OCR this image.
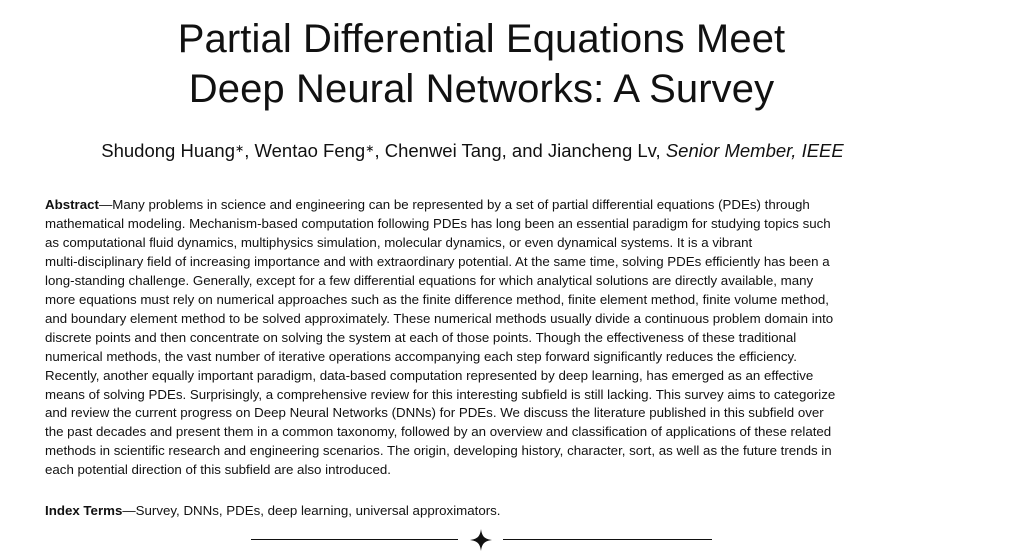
Partial Differential Equations Meet
Deep Neural Networks: A Survey
Shudong Huang∗, Wentao Feng∗, Chenwei Tang, and Jiancheng Lv, Senior Member, IEEE
Abstract—Many problems in science and engineering can be represented by a set of partial differential equations (PDEs) through
mathematical modeling. Mechanism-based computation following PDEs has long been an essential paradigm for studying topics such
as computational fluid dynamics, multiphysics simulation, molecular dynamics, or even dynamical systems. It is a vibrant
multi-disciplinary field of increasing importance and with extraordinary potential. At the same time, solving PDEs efficiently has been a
long-standing challenge. Generally, except for a few differential equations for which analytical solutions are directly available, many
more equations must rely on numerical approaches such as the finite difference method, finite element method, finite volume method,
and boundary element method to be solved approximately. These numerical methods usually divide a continuous problem domain into
discrete points and then concentrate on solving the system at each of those points. Though the effectiveness of these traditional
numerical methods, the vast number of iterative operations accompanying each step forward significantly reduces the efficiency.
Recently, another equally important paradigm, data-based computation represented by deep learning, has emerged as an effective
means of solving PDEs. Surprisingly, a comprehensive review for this interesting subfield is still lacking. This survey aims to categorize
and review the current progress on Deep Neural Networks (DNNs) for PDEs. We discuss the literature published in this subfield over
the past decades and present them in a common taxonomy, followed by an overview and classification of applications of these related
methods in scientific research and engineering scenarios. The origin, developing history, character, sort, as well as the future trends in
each potential direction of this subfield are also introduced.
Index Terms—Survey, DNNs, PDEs, deep learning, universal approximators.
